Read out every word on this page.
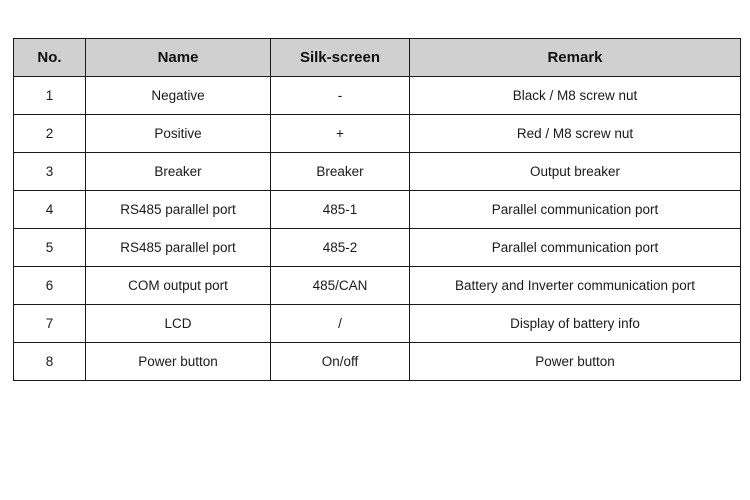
No.	Name	Silk-screen	Remark
1	Negative	-	Black / M8 screw nut
2	Positive	+	Red / M8 screw nut
3	Breaker	Breaker	Output breaker
4	RS485 parallel port	485-1	Parallel communication port
5	RS485 parallel port	485-2	Parallel communication port
6	COM output port	485/CAN	Battery and Inverter communication port
7	LCD	/	Display of battery info
8	Power button	On/off	Power button
